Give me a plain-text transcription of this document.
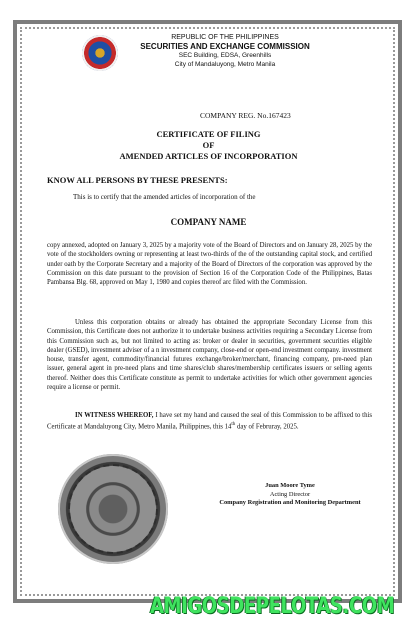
REPUBLIC OF THE PHILIPPINES
SECURITIES AND EXCHANGE COMMISSION
SEC Building, EDSA, Greenhills
City of Mandaluyong, Metro Manila
COMPANY REG. No.167423
CERTIFICATE OF FILING
OF
AMENDED ARTICLES OF INCORPORATION
KNOW ALL PERSONS BY THESE PRESENTS:
This is to certify that the amended articles of incorporation of the
COMPANY NAME
copy annexed, adopted on January 3, 2025 by a majority vote of the Board of Directors and on January 28, 2025 by the vote of the stockholders owning or representing at least two-thirds of the of the outstanding capital stock, and certified under oath by the Corporate Secretary and a majority of the Board of Directors of the corporation was approved by the Commission on this date pursuant to the provision of Section 16 of the Corporation Code of the Philippines, Batas Pambansa Blg. 68, approved on May 1, 1980 and copies thereof arc filed with the Commission.
Unless this corporation obtains or already has obtained the appropriate Secondary License from this Commission, this Certificate does not authorize it to undertake business activities requiring a Secondary License from this Commission such as, but not limited to acting as: broker or dealer in securities, government securities eligible dealer (GSED), investment adviser of a n investment company, close-end or open-end investment company. investment house, transfer agent, commodity/financial futures exchange/broker/merchant, financing company, pre-need plan issuer, general agent in pre-need plans and time shares/club shares/membership certificates issuers or selling agents thereof. Neither does this Certificate constitute as permit to undertake activities for which other government agencies require a license or permit.
IN WITNESS WHEREOF, I have set my hand and caused the seal of this Commission to be affixed to this Certificate at Mandaluyong City, Metro Manila, Philippines, this 14th day of Februray, 2025.
Juan Moore Tyme
Acting Director
Company Registration and Monitoring Department
AMIGOSDEPELOTAS.COM
